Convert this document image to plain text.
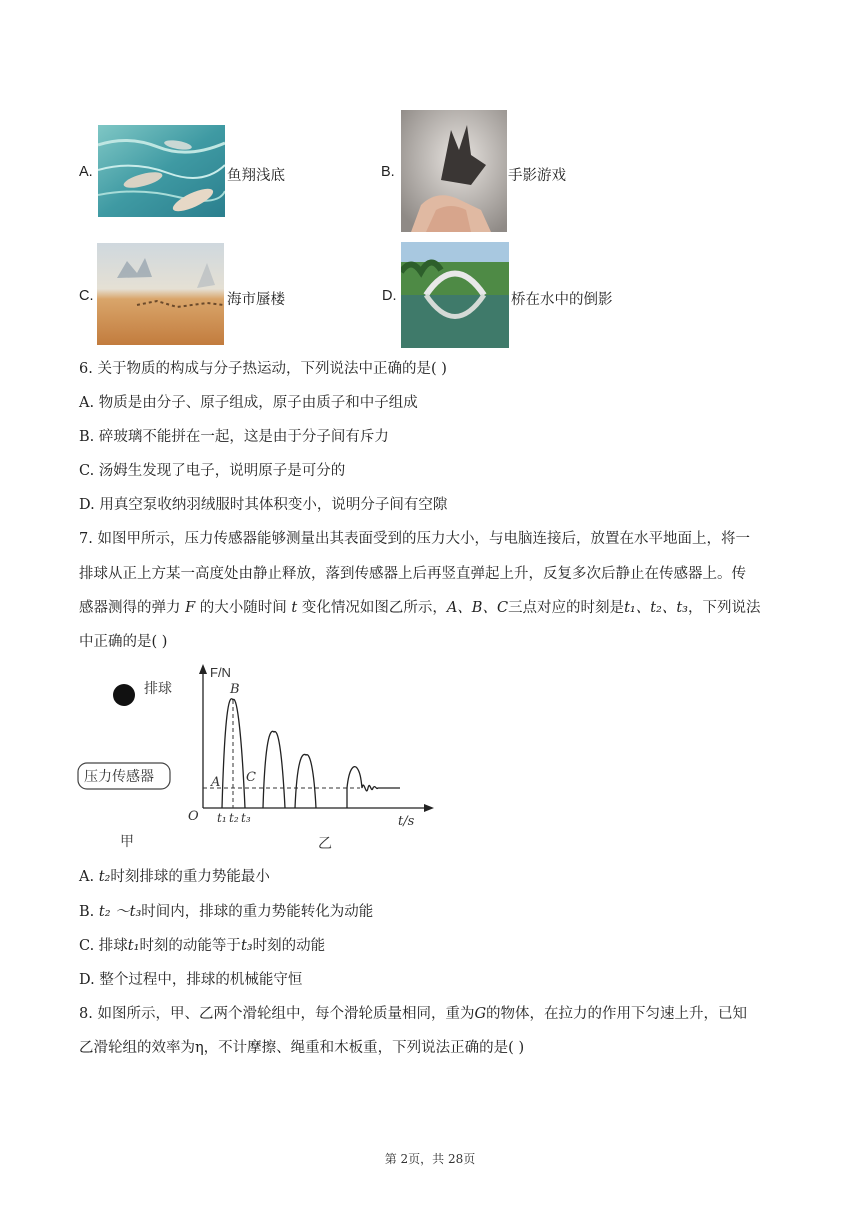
A.	鱼翔浅底	B.	手影游戏
C.	海市蜃楼	D.	桥在水中的倒影
6. 关于物质的构成与分子热运动，下列说法中正确的是( )
A. 物质是由分子、原子组成，原子由质子和中子组成
B. 碎玻璃不能拼在一起，这是由于分子间有斥力
C. 汤姆生发现了电子，说明原子是可分的
D. 用真空泵收纳羽绒服时其体积变小，说明分子间有空隙
7. 如图甲所示，压力传感器能够测量出其表面受到的压力大小，与电脑连接后，放置在水平地面上，将一
排球从正上方某一高度处由静止释放，落到传感器上后再竖直弹起上升，反复多次后静止在传感器上。传
感器测得的弹力 F 的大小随时间 t 变化情况如图乙所示，A、B、C三点对应的时刻是t₁、t₂、t₃，下列说法
中正确的是( )
排球
压力传感器
甲	乙
F/N
B
A C
O t₁ t₂ t₃	t/s
A. t₂时刻排球的重力势能最小
B. t₂ ～t₃时间内，排球的重力势能转化为动能
C. 排球t₁时刻的动能等于t₃时刻的动能
D. 整个过程中，排球的机械能守恒
8. 如图所示，甲、乙两个滑轮组中，每个滑轮质量相同，重为G的物体，在拉力的作用下匀速上升，已知
乙滑轮组的效率为η，不计摩擦、绳重和木板重，下列说法正确的是( )
第 2页，共 28页
